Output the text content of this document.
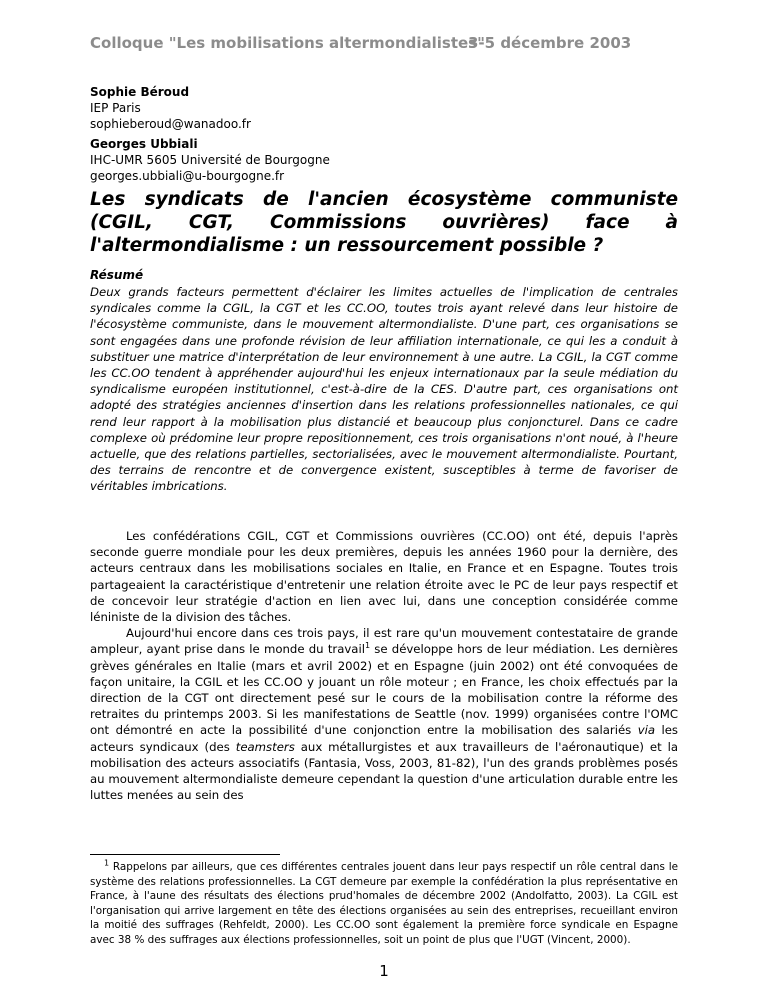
Colloque "Les mobilisations altermondialistes"
3-5 décembre 2003
Sophie Béroud
IEP Paris
sophieberoud@wanadoo.fr
Georges Ubbiali
IHC-UMR 5605 Université de Bourgogne
georges.ubbiali@u-bourgogne.fr
Les syndicats de l'ancien écosystème communiste (CGIL, CGT, Commissions ouvrières) face à l'altermondialisme : un ressourcement possible ?
Résumé

Deux grands facteurs permettent d'éclairer les limites actuelles de l'implication de centrales syndicales comme la CGIL, la CGT et les CC.OO, toutes trois ayant relevé dans leur histoire de l'écosystème communiste, dans le mouvement altermondialiste. D'une part, ces organisations se sont engagées dans une profonde révision de leur affiliation internationale, ce qui les a conduit à substituer une matrice d'interprétation de leur environnement à une autre. La CGIL, la CGT comme les CC.OO tendent à appréhender aujourd'hui les enjeux internationaux par la seule médiation du syndicalisme européen institutionnel, c'est-à-dire de la CES. D'autre part, ces organisations ont adopté des stratégies anciennes d'insertion dans les relations professionnelles nationales, ce qui rend leur rapport à la mobilisation plus distancié et beaucoup plus conjoncturel. Dans ce cadre complexe où prédomine leur propre repositionnement, ces trois organisations n'ont noué, à l'heure actuelle, que des relations partielles, sectorialisées, avec le mouvement altermondialiste. Pourtant, des terrains de rencontre et de convergence existent, susceptibles à terme de favoriser de véritables imbrications.

Les confédérations CGIL, CGT et Commissions ouvrières (CC.OO) ont été, depuis l'après seconde guerre mondiale pour les deux premières, depuis les années 1960 pour la dernière, des acteurs centraux dans les mobilisations sociales en Italie, en France et en Espagne. Toutes trois partageaient la caractéristique d'entretenir une relation étroite avec le PC de leur pays respectif et de concevoir leur stratégie d'action en lien avec lui, dans une conception considérée comme léniniste de la division des tâches.

Aujourd'hui encore dans ces trois pays, il est rare qu'un mouvement contestataire de grande ampleur, ayant prise dans le monde du travail$^1$ se développe hors de leur médiation. Les dernières grèves générales en Italie (mars et avril 2002) et en Espagne (juin 2002) ont été convoquées de façon unitaire, la CGIL et les CC.OO y jouant un rôle moteur ; en France, les choix effectués par la direction de la CGT ont directement pesé sur le cours de la mobilisation contre la réforme des retraites du printemps 2003. Si les manifestations de Seattle (nov. 1999) organisées contre l'OMC ont démontré en acte la possibilité d'une conjonction entre la mobilisation des salariés via les acteurs syndicaux (des teamsters aux métallurgistes et aux travailleurs de l'aéronautique) et la mobilisation des acteurs associatifs (Fantasia, Voss, 2003, 81-82), l'un des grands problèmes posés au mouvement altermondialiste demeure cependant la question d'une articulation durable entre les luttes menées au sein des

$^1$ Rappelons par ailleurs, que ces différentes centrales jouent dans leur pays respectif un rôle central dans le système des relations professionnelles. La CGT demeure par exemple la confédération la plus représentative en France, à l'aune des résultats des élections prud'homales de décembre 2002 (Andolfatto, 2003). La CGIL est l'organisation qui arrive largement en tête des élections organisées au sein des entreprises, recueillant environ la moitié des suffrages (Rehfeldt, 2000). Les CC.OO sont également la première force syndicale en Espagne avec 38 % des suffrages aux élections professionnelles, soit un point de plus que l'UGT (Vincent, 2000).

1
